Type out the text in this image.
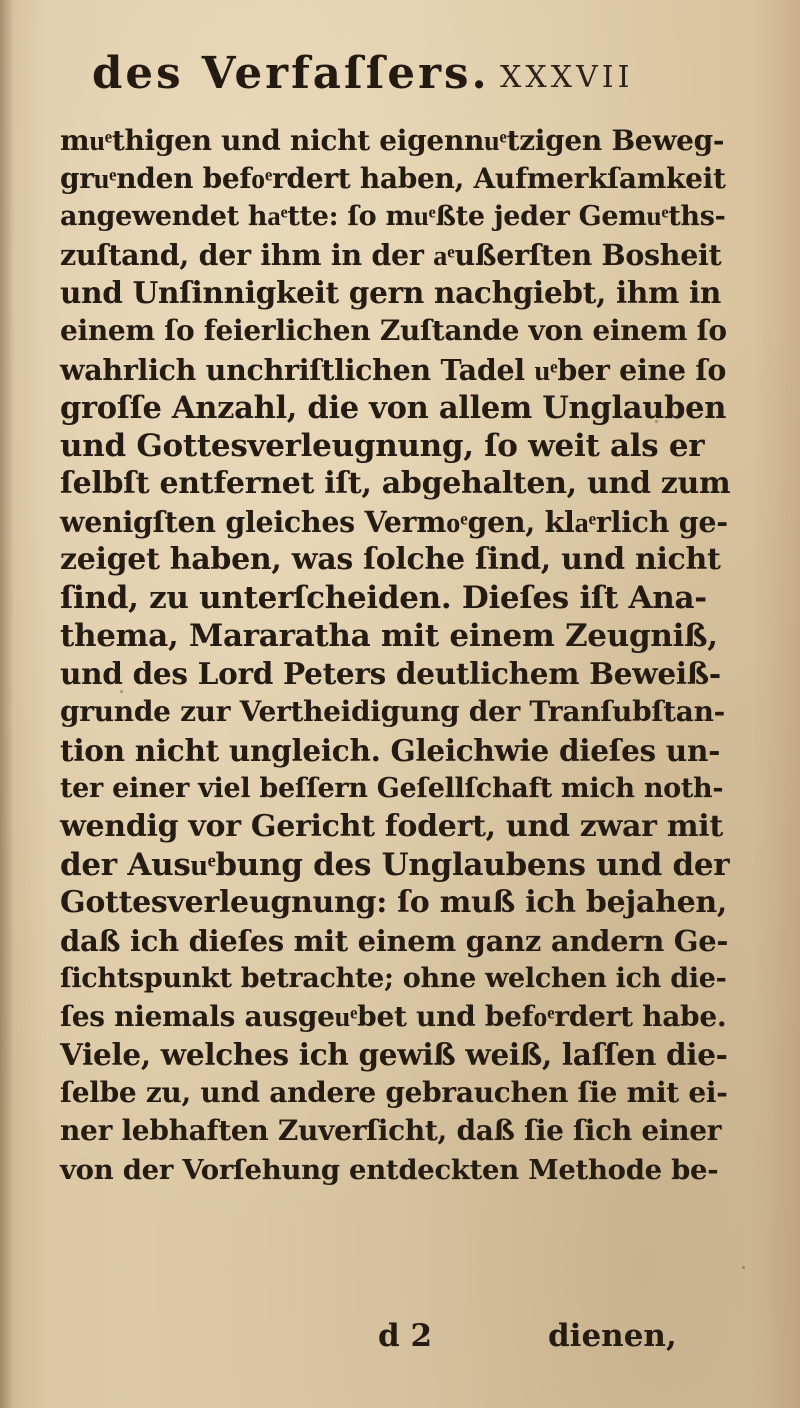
des Verfaſſers. XXXVII
muͤthigen und nicht eigennuͤtzigen Beweg-
gruͤnden befoͤrdert haben, Aufmerkſamkeit
angewendet haͤtte: ſo muͤßte jeder Gemuͤths-
zuſtand, der ihm in der aͤußerſten Bosheit
und Unſinnigkeit gern nachgiebt, ihm in
einem ſo feierlichen Zuſtande von einem ſo
wahrlich unchriſtlichen Tadel uͤber eine ſo
groſſe Anzahl, die von allem Unglauben
und Gottesverleugnung, ſo weit als er
ſelbſt entfernet iſt, abgehalten, und zum
wenigſten gleiches Vermoͤgen, klaͤrlich ge-
zeiget haben, was ſolche ſind, und nicht
ſind, zu unterſcheiden. Dieſes iſt Ana-
thema, Mararatha mit einem Zeugniß,
und des Lord Peters deutlichem Beweiß-
grunde zur Vertheidigung der Tranſubſtan-
tion nicht ungleich. Gleichwie dieſes un-
ter einer viel beſſern Geſellſchaft mich noth-
wendig vor Gericht fodert, und zwar mit
der Ausuͤbung des Unglaubens und der
Gottesverleugnung: ſo muß ich bejahen,
daß ich dieſes mit einem ganz andern Ge-
ſichtspunkt betrachte; ohne welchen ich die-
ſes niemals ausgeuͤbet und befoͤrdert habe.
Viele, welches ich gewiß weiß, laſſen die-
ſelbe zu, und andere gebrauchen ſie mit ei-
ner lebhaften Zuverſicht, daß ſie ſich einer
von der Vorſehung entdeckten Methode be-
d 2	dienen,
